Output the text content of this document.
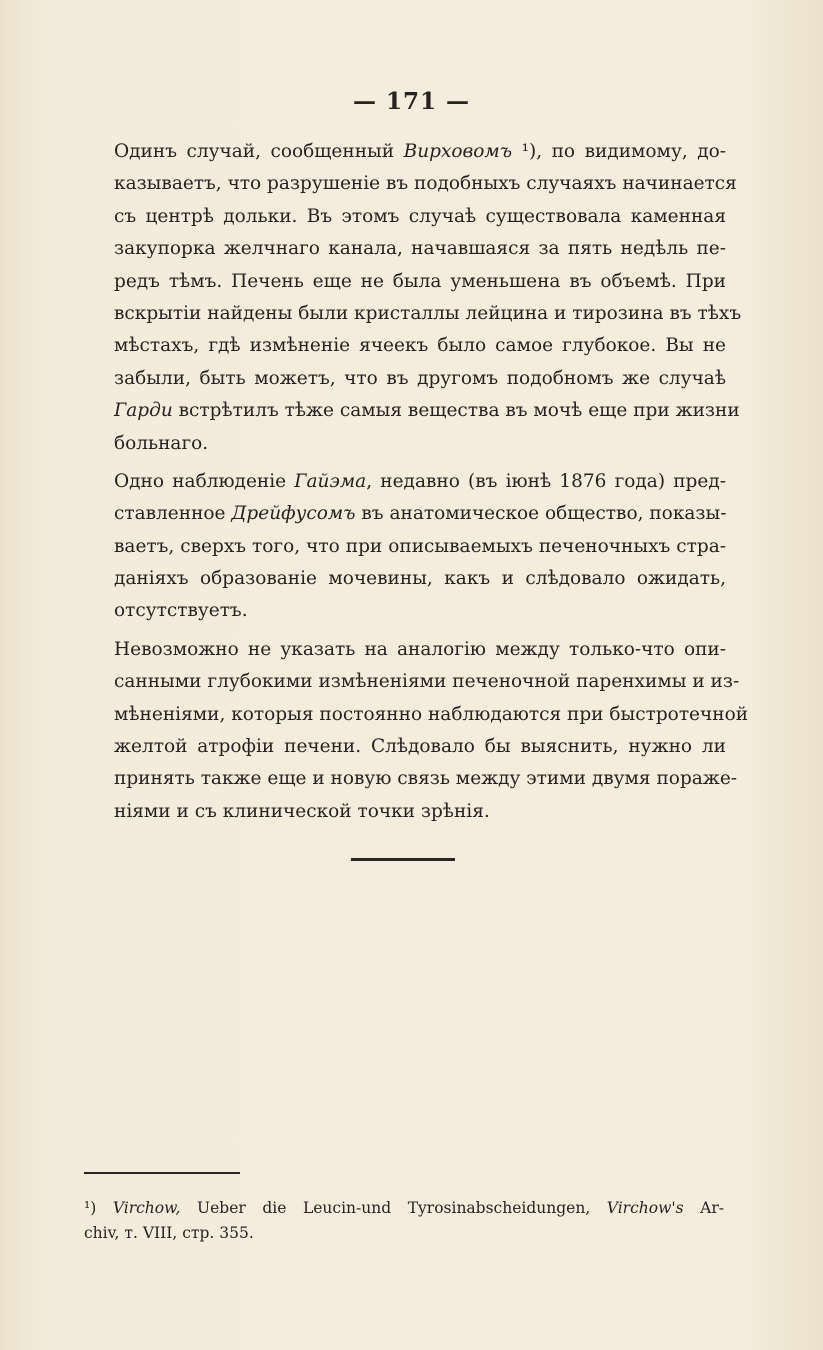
— 171 —
Одинъ случай, сообщенный Вирховомъ ¹), по видимому, до-
казываетъ, что разрушеніе въ подобныхъ случаяхъ начинается
съ центрѣ дольки. Въ этомъ случаѣ существовала каменная
закупорка желчнаго канала, начавшаяся за пять недѣль пе-
редъ тѣмъ. Печень еще не была уменьшена въ объемѣ. При
вскрытіи найдены были кристаллы лейцина и тирозина въ тѣхъ
мѣстахъ, гдѣ измѣненіе ячеекъ было самое глубокое. Вы не
забыли, быть можетъ, что въ другомъ подобномъ же случаѣ
Гарди встрѣтилъ тѣже самыя вещества въ мочѣ еще при жизни
больнаго.
Одно наблюденіе Гайэма, недавно (въ іюнѣ 1876 года) пред-
ставленное Дрейфусомъ въ анатомическое общество, показы-
ваетъ, сверхъ того, что при описываемыхъ печеночныхъ стра-
даніяхъ образованіе мочевины, какъ и слѣдовало ожидать,
отсутствуетъ.
Невозможно не указать на аналогію между только-что опи-
санными глубокими измѣненіями печеночной паренхимы и из-
мѣненіями, которыя постоянно наблюдаются при быстротечной
желтой атрофіи печени. Слѣдовало бы выяснить, нужно ли
принять также еще и новую связь между этими двумя пораже-
ніями и съ клинической точки зрѣнія.
¹) Virchow, Ueber die Leucin-und Tyrosinabscheidungen, Virchow's Ar-
chiv, т. VIII, стр. 355.
